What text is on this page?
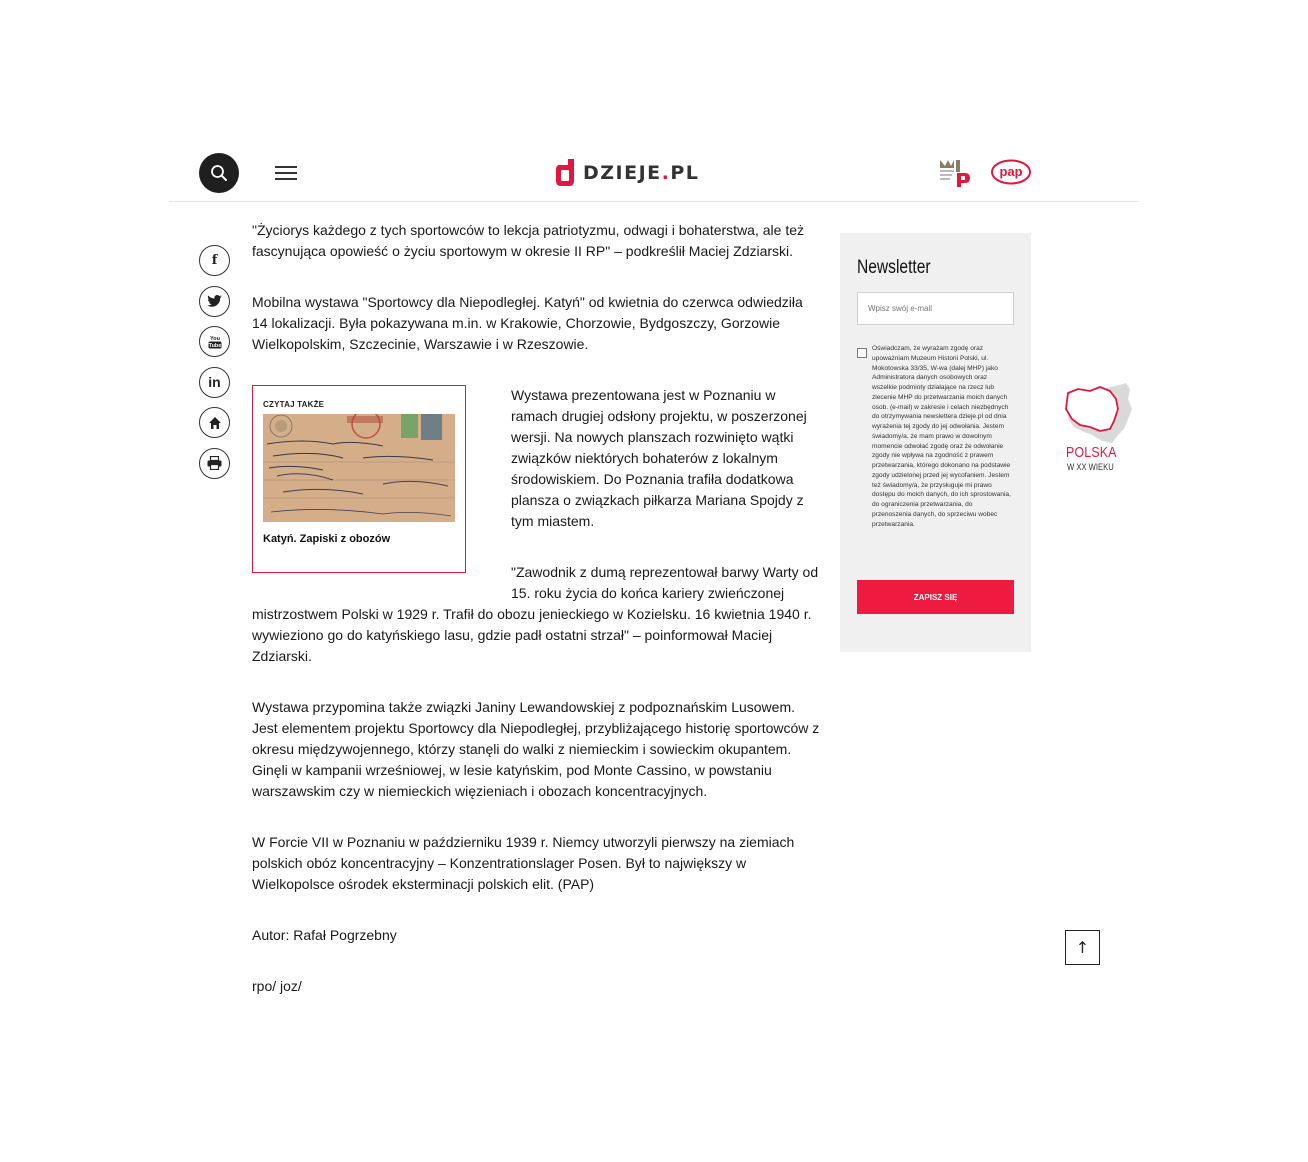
DZIEJE.PL	pap
f
You
Tube
in

"Życiorys każdego z tych sportowców to lekcja patriotyzmu, odwagi i bohaterstwa, ale też fascynująca opowieść o życiu sportowym w okresie II RP" – podkreślił Maciej Zdziarski.

Mobilna wystawa "Sportowcy dla Niepodległej. Katyń" od kwietnia do czerwca odwiedziła 14 lokalizacji. Była pokazywana m.in. w Krakowie, Chorzowie, Bydgoszczy, Gorzowie Wielkopolskim, Szczecinie, Warszawie i w Rzeszowie.

CZYTAJ TAKŻE
Katyń. Zapiski z obozów

Wystawa prezentowana jest w Poznaniu w ramach drugiej odsłony projektu, w poszerzonej wersji. Na nowych planszach rozwinięto wątki związków niektórych bohaterów z lokalnym środowiskiem. Do Poznania trafiła dodatkowa plansza o związkach piłkarza Mariana Spojdy z tym miastem.

"Zawodnik z dumą reprezentował barwy Warty od 15. roku życia do końca kariery zwieńczonej mistrzostwem Polski w 1929 r. Trafił do obozu jenieckiego w Kozielsku. 16 kwietnia 1940 r. wywieziono go do katyńskiego lasu, gdzie padł ostatni strzał" – poinformował Maciej Zdziarski.

Wystawa przypomina także związki Janiny Lewandowskiej z podpoznańskim Lusowem. Jest elementem projektu Sportowcy dla Niepodległej, przybliżającego historię sportowców z okresu międzywojennego, którzy stanęli do walki z niemieckim i sowieckim okupantem. Ginęli w kampanii wrześniowej, w lesie katyńskim, pod Monte Cassino, w powstaniu warszawskim czy w niemieckich więzieniach i obozach koncentracyjnych.

W Forcie VII w Poznaniu w październiku 1939 r. Niemcy utworzyli pierwszy na ziemiach polskich obóz koncentracyjny – Konzentrationslager Posen. Był to największy w Wielkopolsce ośrodek eksterminacji polskich elit. (PAP)

Autor: Rafał Pogrzebny

rpo/ joz/

Newsletter
Wpisz swój e-mail
Oświadczam, że wyrażam zgodę oraz upoważniam Muzeum Historii Polski, ul. Mokotowska 33/35, W-wa (dalej MHP) jako Administratora danych osobowych oraz wszelkie podmioty działające na rzecz lub zlecenie MHP do przetwarzania moich danych osob. (e-mail) w zakresie i celach niezbędnych do otrzymywania newslettera dzieje.pl od dnia wyrażenia tej zgody do jej odwołania. Jestem świadomy/a, że mam prawo w dowolnym momencie odwołać zgodę oraz że odwołanie zgody nie wpływa na zgodność z prawem przetwarzania, którego dokonano na podstawie zgody udzielonej przed jej wycofaniem. Jestem też świadomy/a, że przysługuje mi prawo dostępu do moich danych, do ich sprostowania, do ograniczenia przetwarzania, do przenoszenia danych, do sprzeciwu wobec przetwarzania.
ZAPISZ SIĘ
POLSKA
W XX WIEKU
↑
